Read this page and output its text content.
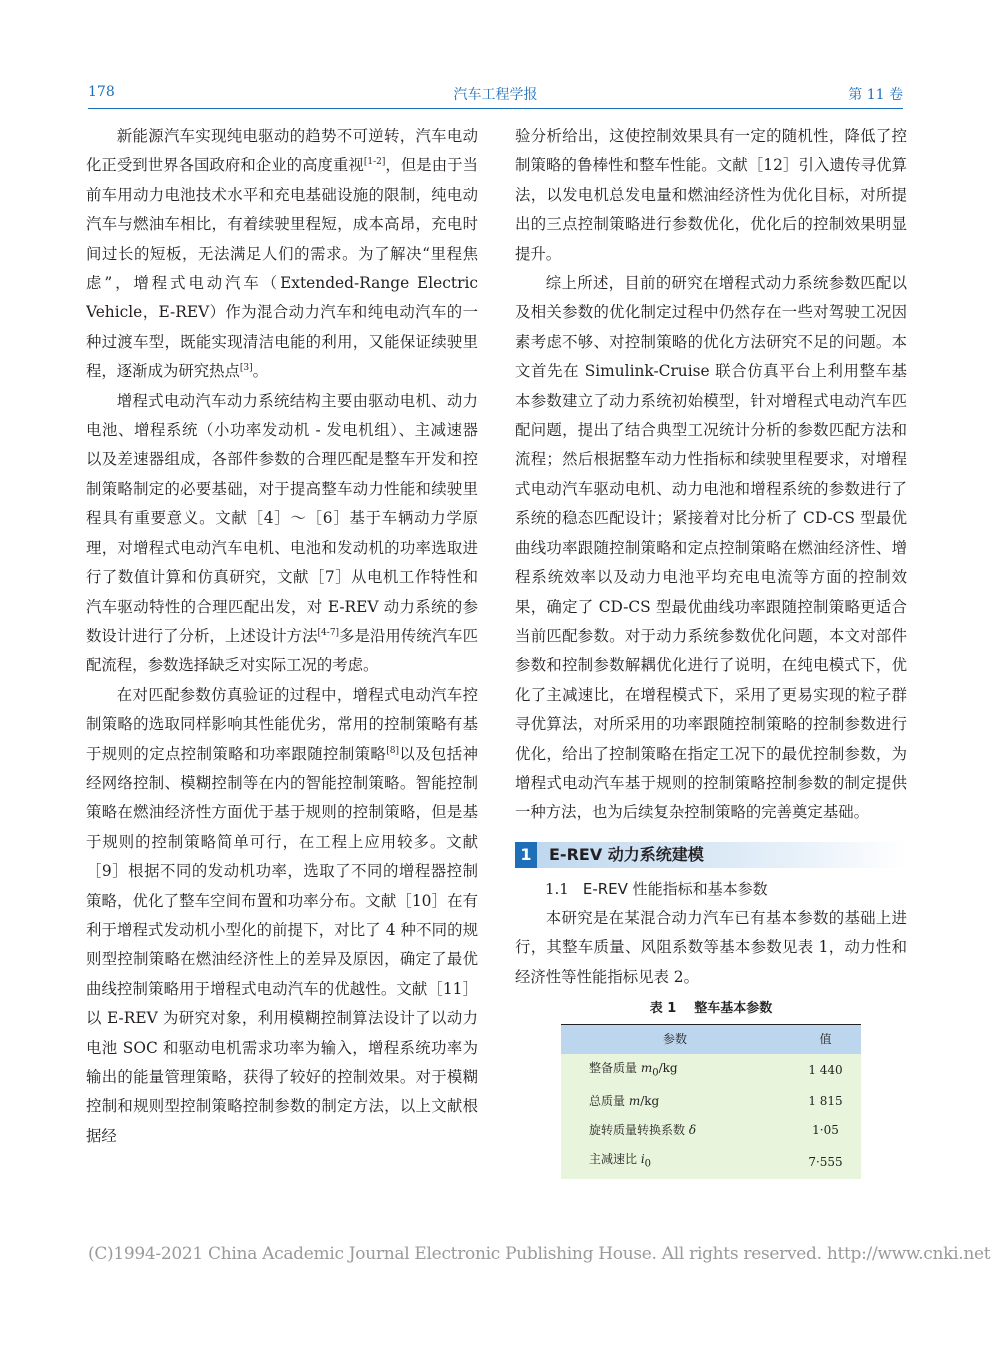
178	汽车工程学报	第 11 卷

新能源汽车实现纯电驱动的趋势不可逆转，汽车电动化正受到世界各国政府和企业的高度重视[1-2]，但是由于当前车用动力电池技术水平和充电基础设施的限制，纯电动汽车与燃油车相比，有着续驶里程短，成本高昂，充电时间过长的短板，无法满足人们的需求。为了解决“里程焦虑”，增程式电动汽车（Extended-Range Electric Vehicle，E-REV）作为混合动力汽车和纯电动汽车的一种过渡车型，既能实现清洁电能的利用，又能保证续驶里程，逐渐成为研究热点[3]。

增程式电动汽车动力系统结构主要由驱动电机、动力电池、增程系统（小功率发动机 - 发电机组）、主减速器以及差速器组成，各部件参数的合理匹配是整车开发和控制策略制定的必要基础，对于提高整车动力性能和续驶里程具有重要意义。文献［4］～［6］基于车辆动力学原理，对增程式电动汽车电机、电池和发动机的功率选取进行了数值计算和仿真研究，文献［7］从电机工作特性和汽车驱动特性的合理匹配出发，对 E-REV 动力系统的参数设计进行了分析，上述设计方法[4-7]多是沿用传统汽车匹配流程，参数选择缺乏对实际工况的考虑。

在对匹配参数仿真验证的过程中，增程式电动汽车控制策略的选取同样影响其性能优劣，常用的控制策略有基于规则的定点控制策略和功率跟随控制策略[8]以及包括神经网络控制、模糊控制等在内的智能控制策略。智能控制策略在燃油经济性方面优于基于规则的控制策略，但是基于规则的控制策略简单可行，在工程上应用较多。文献［9］根据不同的发动机功率，选取了不同的增程器控制策略，优化了整车空间布置和功率分布。文献［10］在有利于增程式发动机小型化的前提下，对比了 4 种不同的规则型控制策略在燃油经济性上的差异及原因，确定了最优曲线控制策略用于增程式电动汽车的优越性。文献［11］以 E-REV 为研究对象，利用模糊控制算法设计了以动力电池 SOC 和驱动电机需求功率为输入，增程系统功率为输出的能量管理策略，获得了较好的控制效果。对于模糊控制和规则型控制策略控制参数的制定方法，以上文献根据经

验分析给出，这使控制效果具有一定的随机性，降低了控制策略的鲁棒性和整车性能。文献［12］引入遗传寻优算法，以发电机总发电量和燃油经济性为优化目标，对所提出的三点控制策略进行参数优化，优化后的控制效果明显提升。

综上所述，目前的研究在增程式动力系统参数匹配以及相关参数的优化制定过程中仍然存在一些对驾驶工况因素考虑不够、对控制策略的优化方法研究不足的问题。本文首先在 Simulink-Cruise 联合仿真平台上利用整车基本参数建立了动力系统初始模型，针对增程式电动汽车匹配问题，提出了结合典型工况统计分析的参数匹配方法和流程；然后根据整车动力性指标和续驶里程要求，对增程式电动汽车驱动电机、动力电池和增程系统的参数进行了系统的稳态匹配设计；紧接着对比分析了 CD-CS 型最优曲线功率跟随控制策略和定点控制策略在燃油经济性、增程系统效率以及动力电池平均充电电流等方面的控制效果，确定了 CD-CS 型最优曲线功率跟随控制策略更适合当前匹配参数。对于动力系统参数优化问题，本文对部件参数和控制参数解耦优化进行了说明，在纯电模式下，优化了主减速比，在增程模式下，采用了更易实现的粒子群寻优算法，对所采用的功率跟随控制策略的控制参数进行优化，给出了控制策略在指定工况下的最优控制参数，为增程式电动汽车基于规则的控制策略控制参数的制定提供一种方法，也为后续复杂控制策略的完善奠定基础。

1 E-REV 动力系统建模

1.1 E-REV 性能指标和基本参数

本研究是在某混合动力汽车已有基本参数的基础上进行，其整车质量、风阻系数等基本参数见表 1，动力性和经济性等性能指标见表 2。

表 1 整车基本参数
参数	值
整备质量 $m_0/kg$	1 440
总质量 m/kg	1 815
旋转质量转换系数 δ	1·05
主减速比 $i_0$	7·555
(C)1994-2021 China Academic Journal Electronic Publishing House. All rights reserved. http://www.cnki.net
